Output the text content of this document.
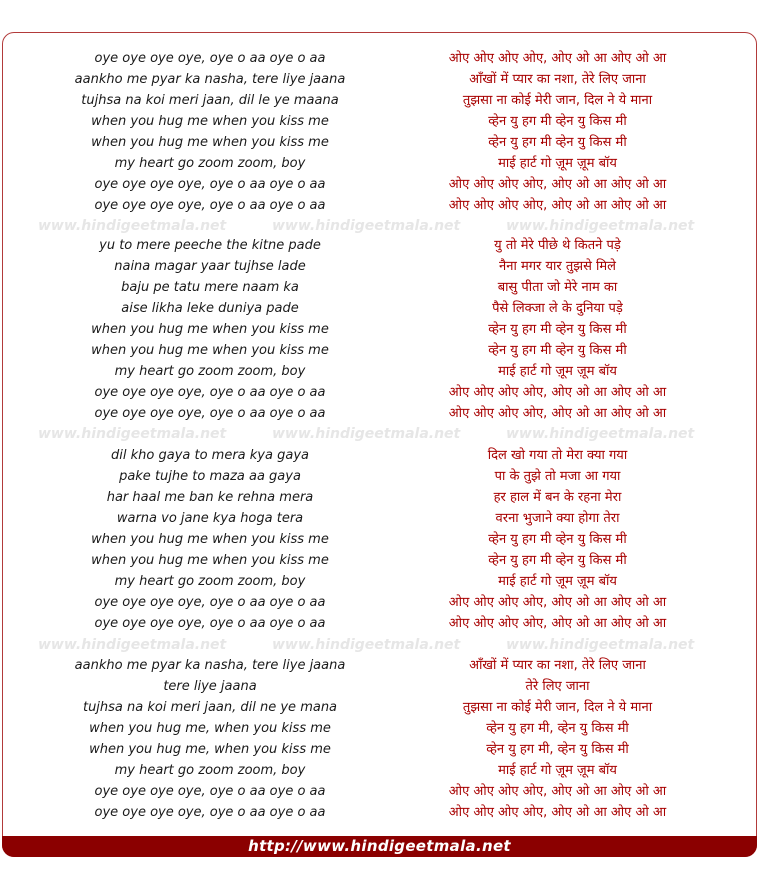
oye oye oye oye, oye o aa oye o aa	ओए ओए ओए ओए, ओए ओ आ ओए ओ आ
aankho me pyar ka nasha, tere liye jaana	आँखों में प्यार का नशा, तेरे लिए जाना
tujhsa na koi meri jaan, dil le ye maana	तुझसा ना कोई मेरी जान, दिल ने ये माना
when you hug me when you kiss me	व्हेन यु हग मी व्हेन यु किस मी
when you hug me when you kiss me	व्हेन यु हग मी व्हेन यु किस मी
my heart go zoom zoom, boy	माई हार्ट गो ज़ूम ज़ूम बॉय
oye oye oye oye, oye o aa oye o aa	ओए ओए ओए ओए, ओए ओ आ ओए ओ आ
oye oye oye oye, oye o aa oye o aa	ओए ओए ओए ओए, ओए ओ आ ओए ओ आ
yu to mere peeche the kitne pade	यु तो मेरे पीछे थे कितने पड़े
naina magar yaar tujhse lade	नैना मगर यार तुझसे मिले
baju pe tatu mere naam ka	बासु पीता जो मेरे नाम का
aise likha leke duniya pade	पैसे लिक्जा ले के दुनिया पड़े
when you hug me when you kiss me	व्हेन यु हग मी व्हेन यु किस मी
when you hug me when you kiss me	व्हेन यु हग मी व्हेन यु किस मी
my heart go zoom zoom, boy	माई हार्ट गो ज़ूम ज़ूम बॉय
oye oye oye oye, oye o aa oye o aa	ओए ओए ओए ओए, ओए ओ आ ओए ओ आ
oye oye oye oye, oye o aa oye o aa	ओए ओए ओए ओए, ओए ओ आ ओए ओ आ
dil kho gaya to mera kya gaya	दिल खो गया तो मेरा क्या गया
pake tujhe to maza aa gaya	पा के तुझे तो मजा आ गया
har haal me ban ke rehna mera	हर हाल में बन के रहना मेरा
warna vo jane kya hoga tera	वरना भुजाने क्या होगा तेरा
when you hug me when you kiss me	व्हेन यु हग मी व्हेन यु किस मी
when you hug me when you kiss me	व्हेन यु हग मी व्हेन यु किस मी
my heart go zoom zoom, boy	माई हार्ट गो ज़ूम ज़ूम बॉय
oye oye oye oye, oye o aa oye o aa	ओए ओए ओए ओए, ओए ओ आ ओए ओ आ
oye oye oye oye, oye o aa oye o aa	ओए ओए ओए ओए, ओए ओ आ ओए ओ आ
aankho me pyar ka nasha, tere liye jaana	आँखों में प्यार का नशा, तेरे लिए जाना
tere liye jaana	तेरे लिए जाना
tujhsa na koi meri jaan, dil ne ye mana	तुझसा ना कोई मेरी जान, दिल ने ये माना
when you hug me, when you kiss me	व्हेन यु हग मी, व्हेन यु किस मी
when you hug me, when you kiss me	व्हेन यु हग मी, व्हेन यु किस मी
my heart go zoom zoom, boy	माई हार्ट गो ज़ूम ज़ूम बॉय
oye oye oye oye, oye o aa oye o aa	ओए ओए ओए ओए, ओए ओ आ ओए ओ आ
oye oye oye oye, oye o aa oye o aa	ओए ओए ओए ओए, ओए ओ आ ओए ओ आ
www.hindigeetmala.net	www.hindigeetmala.net	www.hindigeetmala.net
www.hindigeetmala.net	www.hindigeetmala.net	www.hindigeetmala.net
www.hindigeetmala.net	www.hindigeetmala.net	www.hindigeetmala.net
http://www.hindigeetmala.net
